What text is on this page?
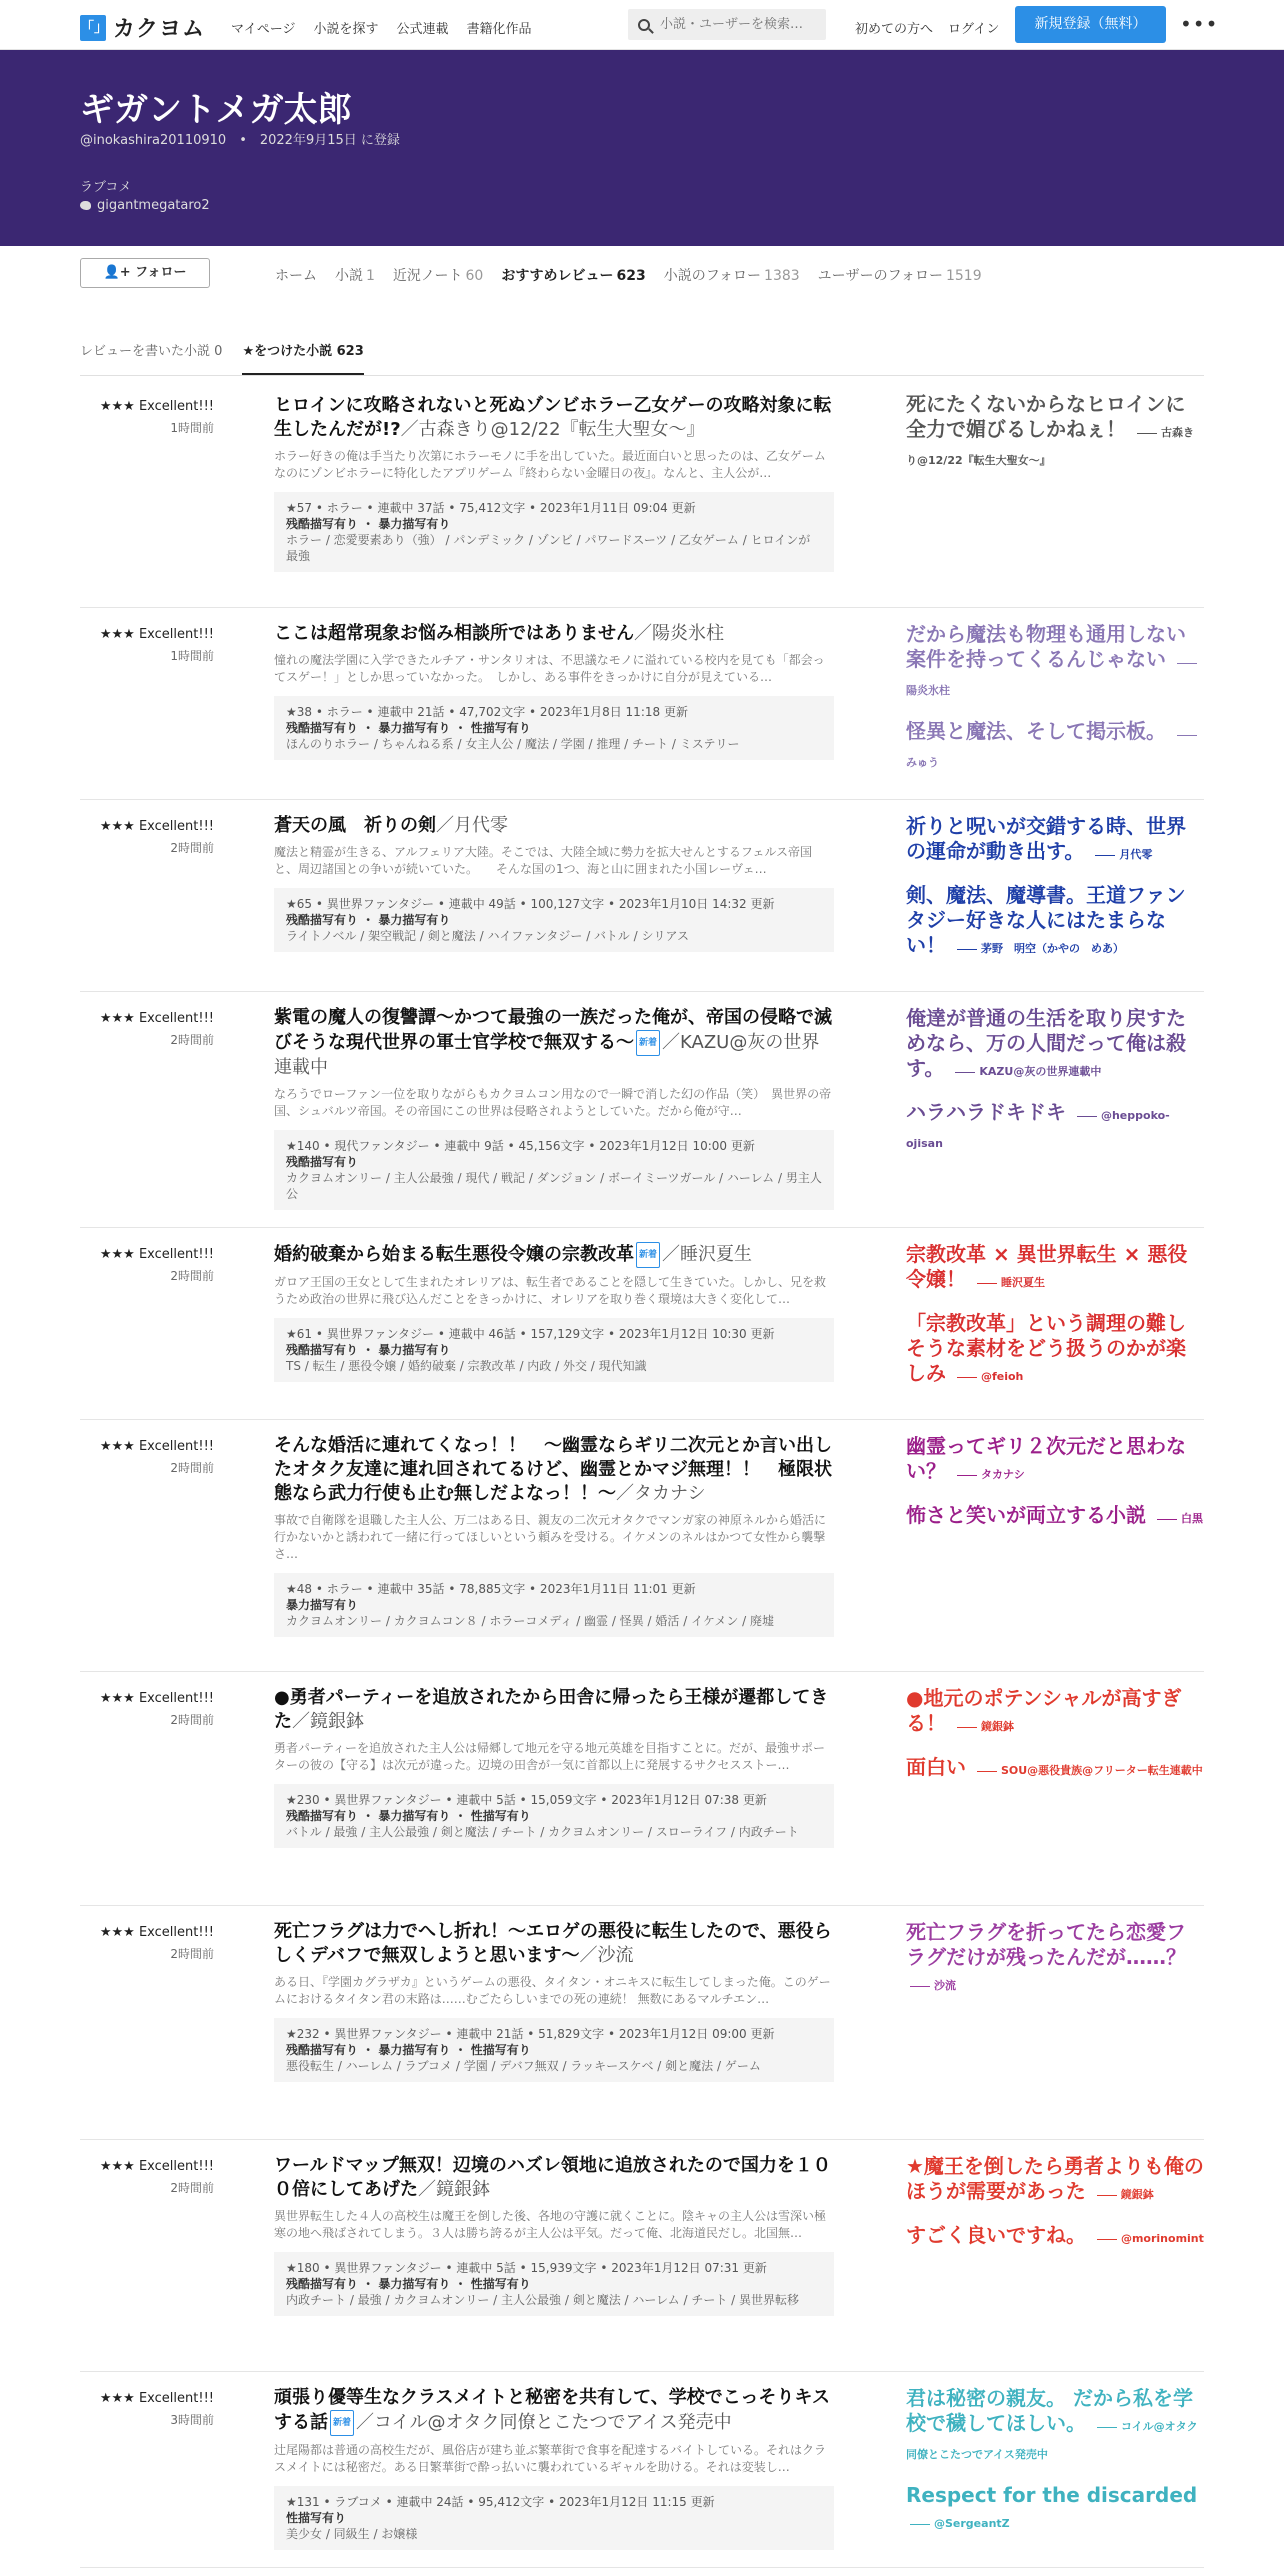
「」 カクヨム マイページ 小説を探す 公式連載 書籍化作品
小説・ユーザーを検索…	初めての方へ ログイン	新規登録（無料）	•••
ギガントメガ太郎
@inokashira20110910　•　2022年9月15日 に登録
ラブコメ
gigantmegataro2
👤+ フォロー	ホーム 小説 1 近況ノート 60 おすすめレビュー 623 小説のフォロー 1383 ユーザーのフォロー 1519
レビューを書いた小説 0 ★をつけた小説 623
★★★ Excellent!!!
1時間前
ヒロインに攻略されないと死ぬゾンビホラー乙女ゲーの攻略対象に転生したんだが!?／古森きり@12/22『転生大聖女〜』
ホラー好きの俺は手当たり次第にホラーモノに手を出していた。最近面白いと思ったのは、乙女ゲームなのにゾンビホラーに特化したアプリゲーム『終わらない金曜日の夜』。なんと、主人公が…
★57 • ホラー • 連載中 37話 • 75,412文字 • 2023年1月11日 09:04 更新
残酷描写有り ・ 暴力描写有り
ホラー / 恋愛要素あり（強） / パンデミック / ゾンビ / パワードスーツ / 乙女ゲーム / ヒロインが最強
死にたくないからなヒロインに全力で媚びるしかねぇ！	古森きり@12/22『転生大聖女〜』
★★★ Excellent!!!
1時間前
ここは超常現象お悩み相談所ではありません／陽炎氷柱
憧れの魔法学園に入学できたルチア・サンタリオは、不思議なモノに溢れている校内を見ても「都会ってスゲー！」としか思っていなかった。　しかし、ある事件をきっかけに自分が見えている…
★38 • ホラー • 連載中 21話 • 47,702文字 • 2023年1月8日 11:18 更新
残酷描写有り ・ 暴力描写有り ・ 性描写有り
ほんのりホラー / ちゃんねる系 / 女主人公 / 魔法 / 学園 / 推理 / チート / ミステリー
だから魔法も物理も通用しない案件を持ってくるんじゃない 陽炎氷柱
怪異と魔法、そして掲示板。 みゅう
★★★ Excellent!!!
2時間前
蒼天の風　祈りの剣／月代零
魔法と精霊が生きる、アルフェリア大陸。そこでは、大陸全域に勢力を拡大せんとするフェルス帝国と、周辺諸国との争いが続いていた。　　そんな国の1つ、海と山に囲まれた小国レーヴェ…
★65 • 異世界ファンタジー • 連載中 49話 • 100,127文字 • 2023年1月10日 14:32 更新
残酷描写有り ・ 暴力描写有り
ライトノベル / 架空戦記 / 剣と魔法 / ハイファンタジー / バトル / シリアス
祈りと呪いが交錯する時、世界の運命が動き出す。	月代零
剣、魔法、魔導書。王道ファンタジー好きな人にはたまらない！	茅野　明空（かやの　めあ）
★★★ Excellent!!!
2時間前
紫電の魔人の復讐譚～かつて最強の一族だった俺が、帝国の侵略で滅びそうな現代世界の軍士官学校で無双する～ 新着 ／KAZU@灰の世界連載中
なろうでローファン一位を取りながらもカクヨムコン用なので一瞬で消した幻の作品（笑）　異世界の帝国、シュバルツ帝国。その帝国にこの世界は侵略されようとしていた。だから俺が守…
★140 • 現代ファンタジー • 連載中 9話 • 45,156文字 • 2023年1月12日 10:00 更新
残酷描写有り
カクヨムオンリー / 主人公最強 / 現代 / 戦記 / ダンジョン / ボーイミーツガール / ハーレム / 男主人公
俺達が普通の生活を取り戻すためなら、万の人間だって俺は殺す。	KAZU@灰の世界連載中
ハラハラドキドキ	@heppoko-ojisan
★★★ Excellent!!!
2時間前
婚約破棄から始まる転生悪役令嬢の宗教改革 新着 ／睡沢夏生
ガロア王国の王女として生まれたオレリアは、転生者であることを隠して生きていた。しかし、兄を救うため政治の世界に飛び込んだことをきっかけに、オレリアを取り巻く環境は大きく変化して…
★61 • 異世界ファンタジー • 連載中 46話 • 157,129文字 • 2023年1月12日 10:30 更新
残酷描写有り ・ 暴力描写有り
TS / 転生 / 悪役令嬢 / 婚約破棄 / 宗教改革 / 内政 / 外交 / 現代知識
宗教改革 × 異世界転生 × 悪役令嬢！	睡沢夏生
「宗教改革」という調理の難しそうな素材をどう扱うのかが楽しみ	@feioh
★★★ Excellent!!!
2時間前
そんな婚活に連れてくなっ！！　～幽霊ならギリ二次元とか言い出したオタク友達に連れ回されてるけど、幽霊とかマジ無理！！　極限状態なら武力行使も止む無しだよなっ！！～／タカナシ
事故で自衛隊を退職した主人公、万二はある日、親友の二次元オタクでマンガ家の神原ネルから婚活に行かないかと誘われて一緒に行ってほしいという頼みを受ける。イケメンのネルはかつて女性から襲撃さ…
★48 • ホラー • 連載中 35話 • 78,885文字 • 2023年1月11日 11:01 更新
暴力描写有り
カクヨムオンリー / カクヨムコン８ / ホラーコメディ / 幽霊 / 怪異 / 婚活 / イケメン / 廃墟
幽霊ってギリ２次元だと思わない？	タカナシ
怖さと笑いが両立する小説	白黒
★★★ Excellent!!!
2時間前
●勇者パーティーを追放されたから田舎に帰ったら王様が遷都してきた／鏡銀鉢
勇者パーティーを追放された主人公は帰郷して地元を守る地元英雄を目指すことに。だが、最強サポーターの彼の【守る】は次元が違った。辺境の田舎が一気に首都以上に発展するサクセスストー…
★230 • 異世界ファンタジー • 連載中 5話 • 15,059文字 • 2023年1月12日 07:38 更新
残酷描写有り ・ 暴力描写有り ・ 性描写有り
バトル / 最強 / 主人公最強 / 剣と魔法 / チート / カクヨムオンリー / スローライフ / 内政チート
●地元のポテンシャルが高すぎる！	鏡銀鉢
面白い	SOU@悪役貴族@フリーター転生連載中
★★★ Excellent!!!
2時間前
死亡フラグは力でへし折れ！～エロゲの悪役に転生したので、悪役らしくデバフで無双しようと思います～／沙流
ある日、『学園カグラザカ』というゲームの悪役、タイタン・オニキスに転生してしまった俺。このゲームにおけるタイタン君の末路は……むごたらしいまでの死の連続！ 無数にあるマルチエン…
★232 • 異世界ファンタジー • 連載中 21話 • 51,829文字 • 2023年1月12日 09:00 更新
残酷描写有り ・ 暴力描写有り ・ 性描写有り
悪役転生 / ハーレム / ラブコメ / 学園 / デバフ無双 / ラッキースケベ / 剣と魔法 / ゲーム
死亡フラグを折ってたら恋愛フラグだけが残ったんだが……？ 沙流
★★★ Excellent!!!
2時間前
ワールドマップ無双！辺境のハズレ領地に追放されたので国力を１００倍にしてあげた／鏡銀鉢
異世界転生した４人の高校生は魔王を倒した後、各地の守護に就くことに。陰キャの主人公は雪深い極寒の地へ飛ばされてしまう。３人は勝ち誇るが主人公は平気。だって俺、北海道民だし。北国無…
★180 • 異世界ファンタジー • 連載中 5話 • 15,939文字 • 2023年1月12日 07:31 更新
残酷描写有り ・ 暴力描写有り ・ 性描写有り
内政チート / 最強 / カクヨムオンリー / 主人公最強 / 剣と魔法 / ハーレム / チート / 異世界転移
★魔王を倒したら勇者よりも俺のほうが需要があった	鏡銀鉢
すごく良いですね。	@morinomint
★★★ Excellent!!!
3時間前
頑張り優等生なクラスメイトと秘密を共有して、学校でこっそりキスする話 新着 ／コイル@オタク同僚とこたつでアイス発売中
辻尾陽都は普通の高校生だが、風俗店が建ち並ぶ繁華街で食事を配達するバイトしている。それはクラスメイトには秘密だ。ある日繁華街で酔っ払いに襲われているギャルを助ける。それは変装し…
★131 • ラブコメ • 連載中 24話 • 95,412文字 • 2023年1月12日 11:15 更新
性描写有り
美少女 / 同級生 / お嬢様
君は秘密の親友。 だから私を学校で穢してほしい。	コイル@オタク同僚とこたつでアイス発売中
Respect for the discarded @SergeantZ
